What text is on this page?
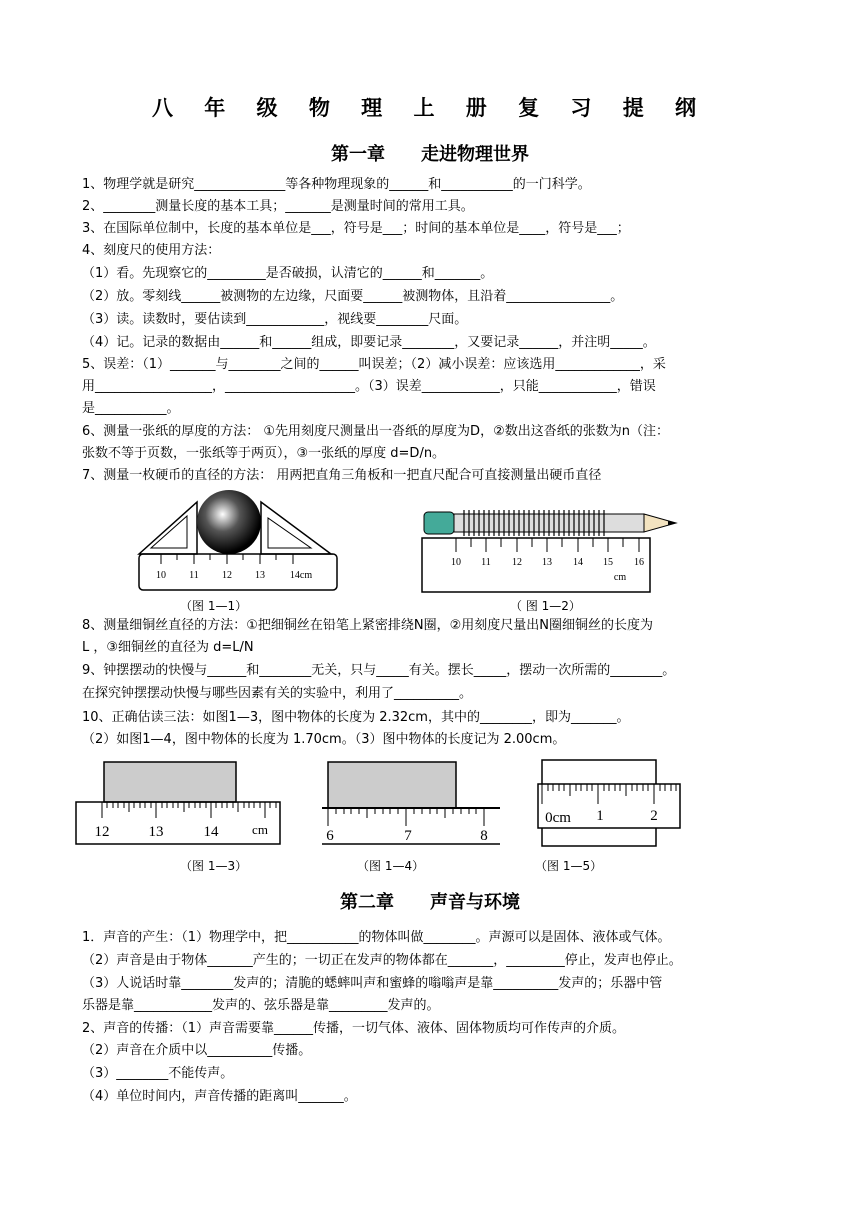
八 年 级 物 理 上 册 复 习 提 纲
第一章　　走进物理世界
1、物理学就是研究______________等各种物理现象的______和___________的一门科学。
2、________测量长度的基本工具；_______是测量时间的常用工具。
3、在国际单位制中，长度的基本单位是___，符号是___；时间的基本单位是____，符号是___；
4、刻度尺的使用方法：
（1）看。先现察它的_________是否破损，认清它的______和_______。
（2）放。零刻线______被测物的左边缘，尺面要______被测物体，且沿着________________。
（3）读。读数时，要估读到____________，视线要________尺面。
（4）记。记录的数据由______和______组成，即要记录________，又要记录______，并注明_____。
5、误差：（1）_______与________之间的______叫误差；（2）减小误差：应该选用_____________，采
用__________________，____________________。（3）误差____________，只能____________，错误
是___________。
6、测量一张纸的厚度的方法： ①先用刻度尺测量出一沓纸的厚度为D，②数出这沓纸的张数为n（注：
张数不等于页数，一张纸等于两页），③一张纸的厚度 d=D/n。
7、测量一枚硬币的直径的方法： 用两把直角三角板和一把直尺配合可直接测量出硬币直径
10 11 12 13 14cm
（图 1—1）
10 11 12 13 14 15 16
cm
（ 图 1—2）
8、测量细铜丝直径的方法：①把细铜丝在铅笔上紧密排绕N圈，②用刻度尺量出N圈细铜丝的长度为
L ，③细铜丝的直径为 d=L/N
9、钟摆摆动的快慢与______和________无关，只与_____有关。摆长_____，摆动一次所需的________。
在探究钟摆摆动快慢与哪些因素有关的实验中，利用了__________。
10、正确估读三法：如图1—3，图中物体的长度为 2.32cm，其中的________，即为_______。
（2）如图1—4，图中物体的长度为 1.70cm。（3）图中物体的长度记为 2.00cm。
12	13	14	cm
（图 1—3）
6	7	8
（图 1—4）
0cm 1	2
（图 1—5）
第二章　　声音与环境
1．声音的产生：（1）物理学中，把___________的物体叫做________。声源可以是固体、液体或气体。
（2）声音是由于物体_______产生的；一切正在发声的物体都在_______，_________停止，发声也停止。
（3）人说话时靠________发声的；清脆的蟋蟀叫声和蜜蜂的嗡嗡声是靠__________发声的；乐器中管
乐器是靠____________发声的、弦乐器是靠_________发声的。
2、声音的传播：（1）声音需要靠______传播，一切气体、液体、固体物质均可作传声的介质。
（2）声音在介质中以__________传播。
（3）________不能传声。
（4）单位时间内，声音传播的距离叫_______。
